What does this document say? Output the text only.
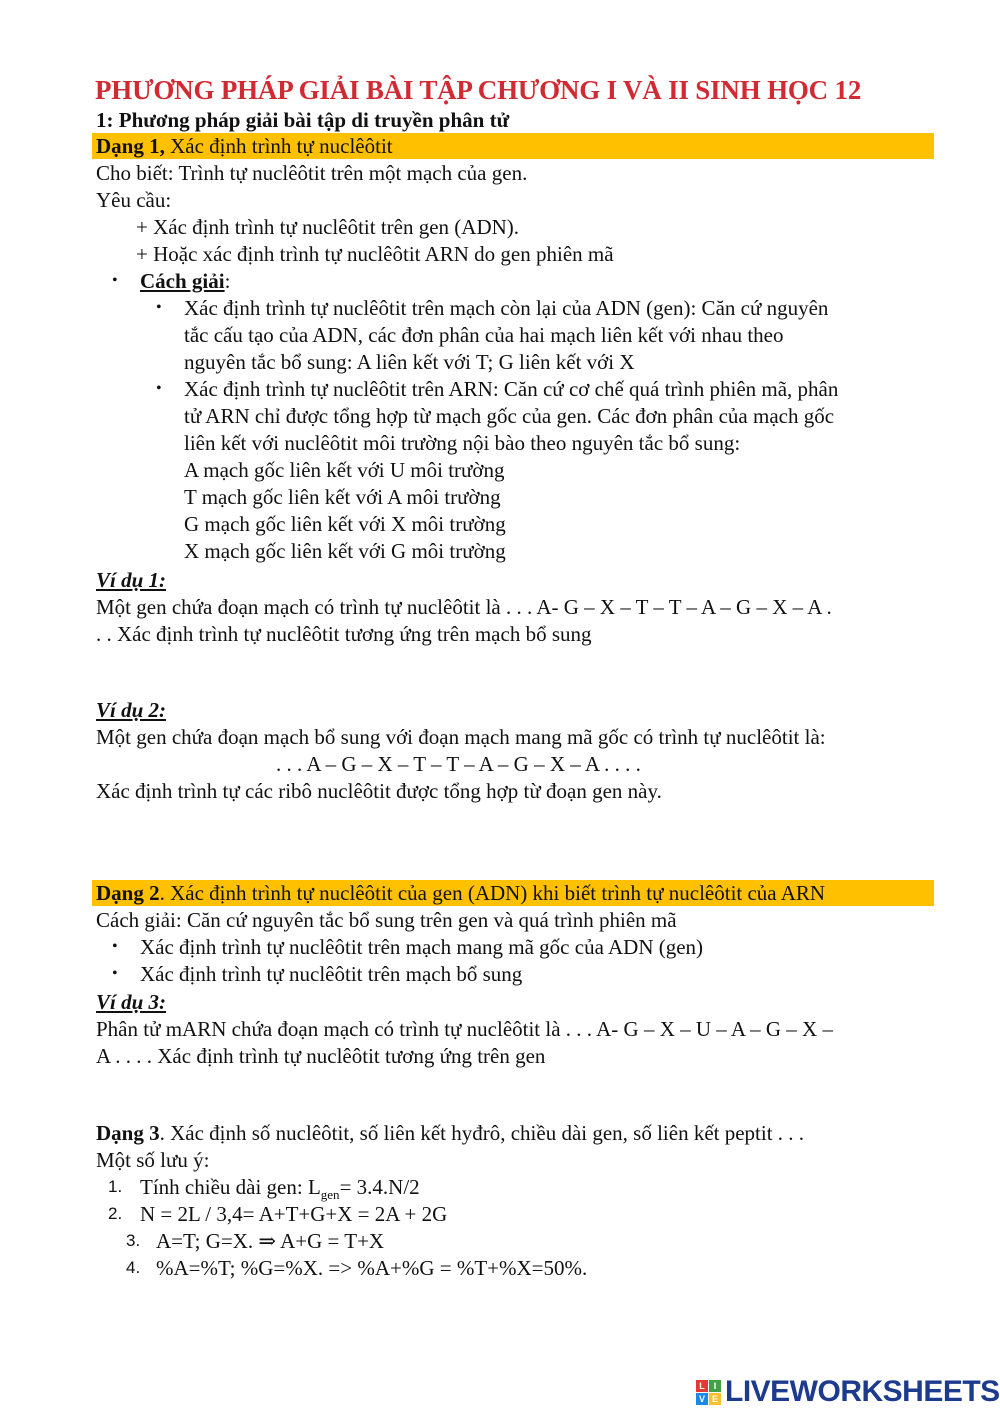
PHƯƠNG PHÁP GIẢI BÀI TẬP CHƯƠNG I VÀ II SINH HỌC 12
1: Phương pháp giải bài tập di truyền phân tử
Dạng 1, Xác định trình tự nuclêôtit
Cho biết: Trình tự nuclêôtit trên một mạch của gen.
Yêu cầu:
+ Xác định trình tự nuclêôtit trên gen (ADN).
+ Hoặc xác định trình tự nuclêôtit ARN do gen phiên mã
• Cách giải:
• Xác định trình tự nuclêôtit trên mạch còn lại của ADN (gen): Căn cứ nguyên
tắc cấu tạo của ADN, các đơn phân của hai mạch liên kết với nhau theo
nguyên tắc bổ sung: A liên kết với T; G liên kết với X
• Xác định trình tự nuclêôtit trên ARN: Căn cứ cơ chế quá trình phiên mã, phân
tử ARN chỉ được tổng hợp từ mạch gốc của gen. Các đơn phân của mạch gốc
liên kết với nuclêôtit môi trường nội bào theo nguyên tắc bổ sung:
A mạch gốc liên kết với U môi trường
T mạch gốc liên kết với A môi trường
G mạch gốc liên kết với X môi trường
X mạch gốc liên kết với G môi trường
Ví dụ 1:
Một gen chứa đoạn mạch có trình tự nuclêôtit là . . . A- G – X – T – T – A – G – X – A .
. . Xác định trình tự nuclêôtit tương ứng trên mạch bổ sung
Ví dụ 2:
Một gen chứa đoạn mạch bổ sung với đoạn mạch mang mã gốc có trình tự nuclêôtit là:
. . . A – G – X – T – T – A – G – X – A . . . .
Xác định trình tự các ribô nuclêôtit được tổng hợp từ đoạn gen này.
Dạng 2. Xác định trình tự nuclêôtit của gen (ADN) khi biết trình tự nuclêôtit của ARN
Cách giải: Căn cứ nguyên tắc bổ sung trên gen và quá trình phiên mã
• Xác định trình tự nuclêôtit trên mạch mang mã gốc của ADN (gen)
• Xác định trình tự nuclêôtit trên mạch bổ sung
Ví dụ 3:
Phân tử mARN chứa đoạn mạch có trình tự nuclêôtit là . . . A- G – X – U – A – G – X –
A . . . . Xác định trình tự nuclêôtit tương ứng trên gen
Dạng 3. Xác định số nuclêôtit, số liên kết hyđrô, chiều dài gen, số liên kết peptit . . .
Một số lưu ý:
1. Tính chiều dài gen: $L_{gen}= 3.4.N/2$
2. N = 2L / 3,4= A+T+G+X = 2A + 2G
3. A=T; G=X. ⇒ A+G = T+X
4. %A=%T; %G=%X. => %A+%G = %T+%X=50%.
L I
V E LIVEWORKSHEETS
